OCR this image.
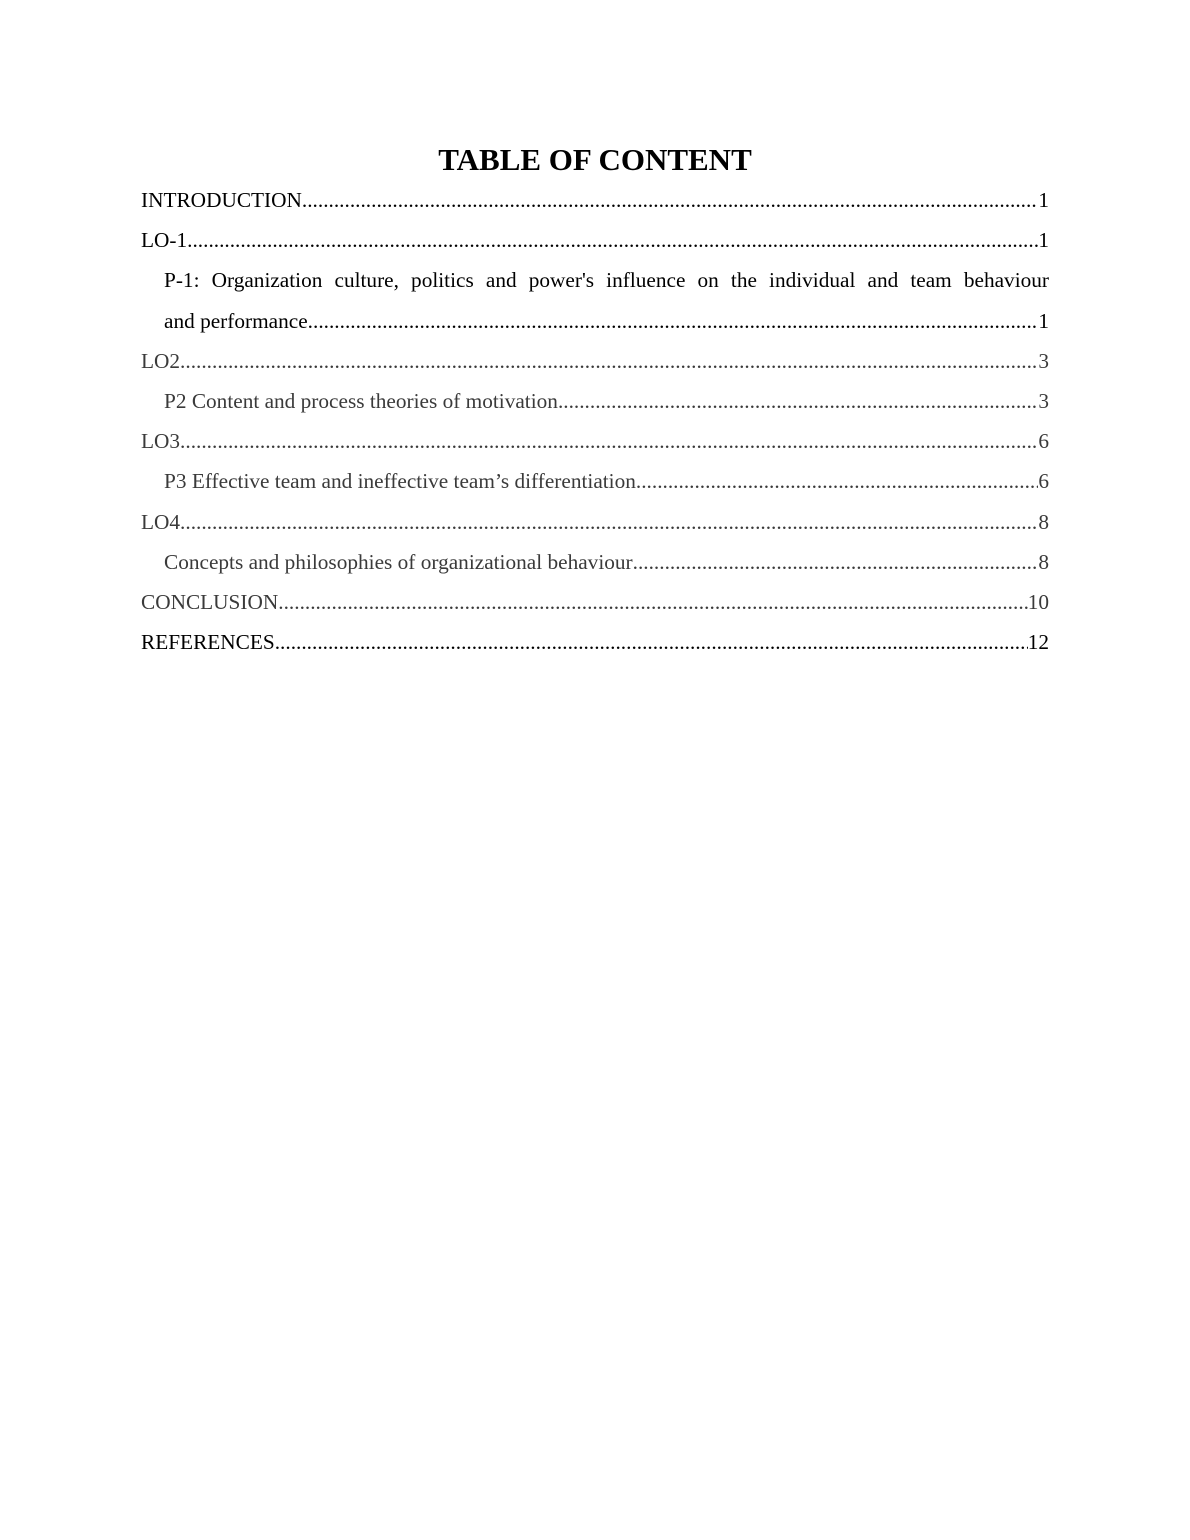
TABLE OF CONTENT
INTRODUCTION .....	1
LO-1 .....	1
P-1: Organization culture, politics and power's influence on the individual and team behaviour
and performance .....	1
LO2 .....	3
P2 Content and process theories of motivation .....	3
LO3 .....	6
P3 Effective team and ineffective team’s differentiation .....	6
LO4 .....	8
Concepts and philosophies of organizational behaviour .....	8
CONCLUSION .....	10
REFERENCES .....	12
